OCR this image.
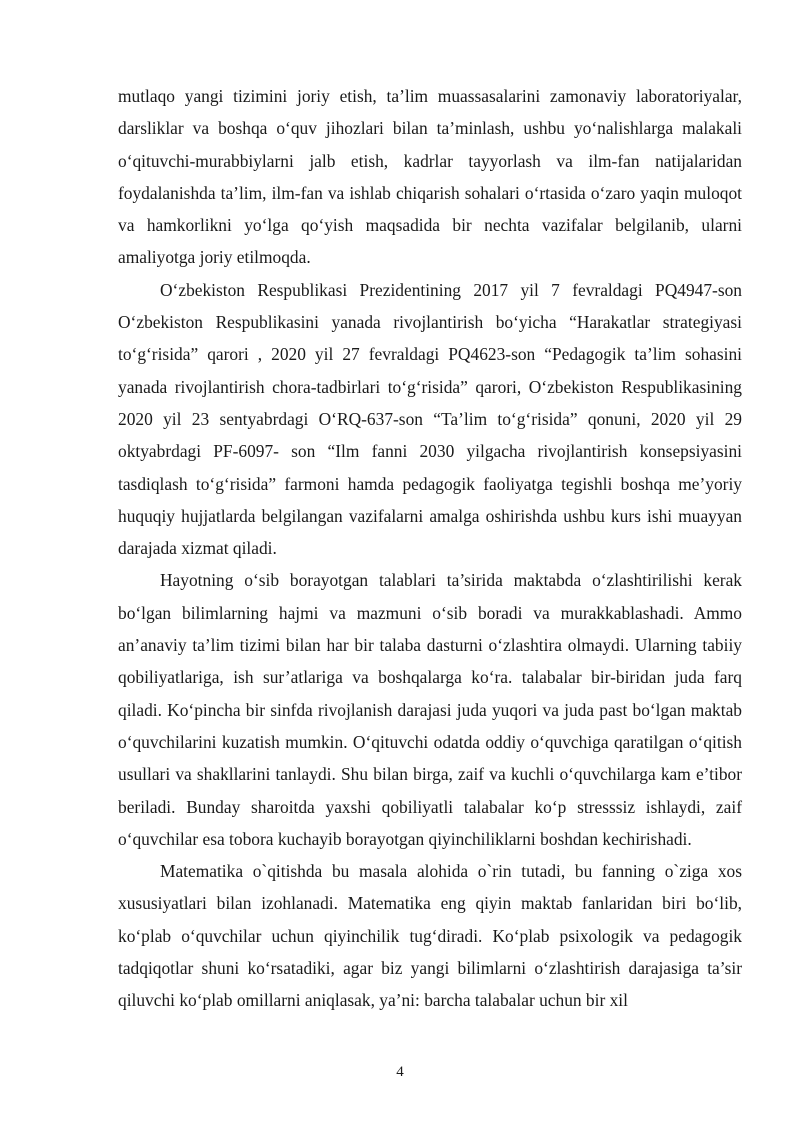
mutlaqo yangi tizimini joriy etish, ta’lim muassasalarini zamonaviy laboratoriyalar, darsliklar va boshqa o‘quv jihozlari bilan ta’minlash, ushbu yo‘nalishlarga malakali o‘qituvchi-murabbiylarni jalb etish, kadrlar tayyorlash va ilm-fan natijalaridan foydalanishda ta’lim, ilm-fan va ishlab chiqarish sohalari o‘rtasida o‘zaro yaqin muloqot va hamkorlikni yo‘lga qo‘yish maqsadida bir nechta vazifalar belgilanib, ularni amaliyotga joriy etilmoqda.

O‘zbekiston Respublikasi Prezidentining 2017 yil 7 fevraldagi PQ4947-son O‘zbekiston Respublikasini yanada rivojlantirish bo‘yicha “Harakatlar strategiyasi to‘g‘risida” qarori , 2020 yil 27 fevraldagi PQ4623-son “Pedagogik ta’lim sohasini yanada rivojlantirish chora-tadbirlari to‘g‘risida” qarori, O‘zbekiston Respublikasining 2020 yil 23 sentyabrdagi O‘RQ-637-son “Ta’lim to‘g‘risida” qonuni, 2020 yil 29 oktyabrdagi PF-6097- son “Ilm fanni 2030 yilgacha rivojlantirish konsepsiyasini tasdiqlash to‘g‘risida” farmoni hamda pedagogik faoliyatga tegishli boshqa me’yoriy huquqiy hujjatlarda belgilangan vazifalarni amalga oshirishda ushbu kurs ishi muayyan darajada xizmat qiladi.

Hayotning o‘sib borayotgan talablari ta’sirida maktabda o‘zlashtirilishi kerak bo‘lgan bilimlarning hajmi va mazmuni o‘sib boradi va murakkablashadi. Ammo an’anaviy ta’lim tizimi bilan har bir talaba dasturni o‘zlashtira olmaydi. Ularning tabiiy qobiliyatlariga, ish sur’atlariga va boshqalarga ko‘ra. talabalar bir-biridan juda farq qiladi. Ko‘pincha bir sinfda rivojlanish darajasi juda yuqori va juda past bo‘lgan maktab o‘quvchilarini kuzatish mumkin. O‘qituvchi odatda oddiy o‘quvchiga qaratilgan o‘qitish usullari va shakllarini tanlaydi. Shu bilan birga, zaif va kuchli o‘quvchilarga kam e’tibor beriladi. Bunday sharoitda yaxshi qobiliyatli talabalar ko‘p stresssiz ishlaydi, zaif o‘quvchilar esa tobora kuchayib borayotgan qiyinchiliklarni boshdan kechirishadi.

Matematika o`qitishda bu masala alohida o`rin tutadi, bu fanning o`ziga xos xususiyatlari bilan izohlanadi. Matematika eng qiyin maktab fanlaridan biri bo‘lib, ko‘plab o‘quvchilar uchun qiyinchilik tug‘diradi. Ko‘plab psixologik va pedagogik tadqiqotlar shuni ko‘rsatadiki, agar biz yangi bilimlarni o‘zlashtirish darajasiga ta’sir qiluvchi ko‘plab omillarni aniqlasak, ya’ni: barcha talabalar uchun bir xil

4
